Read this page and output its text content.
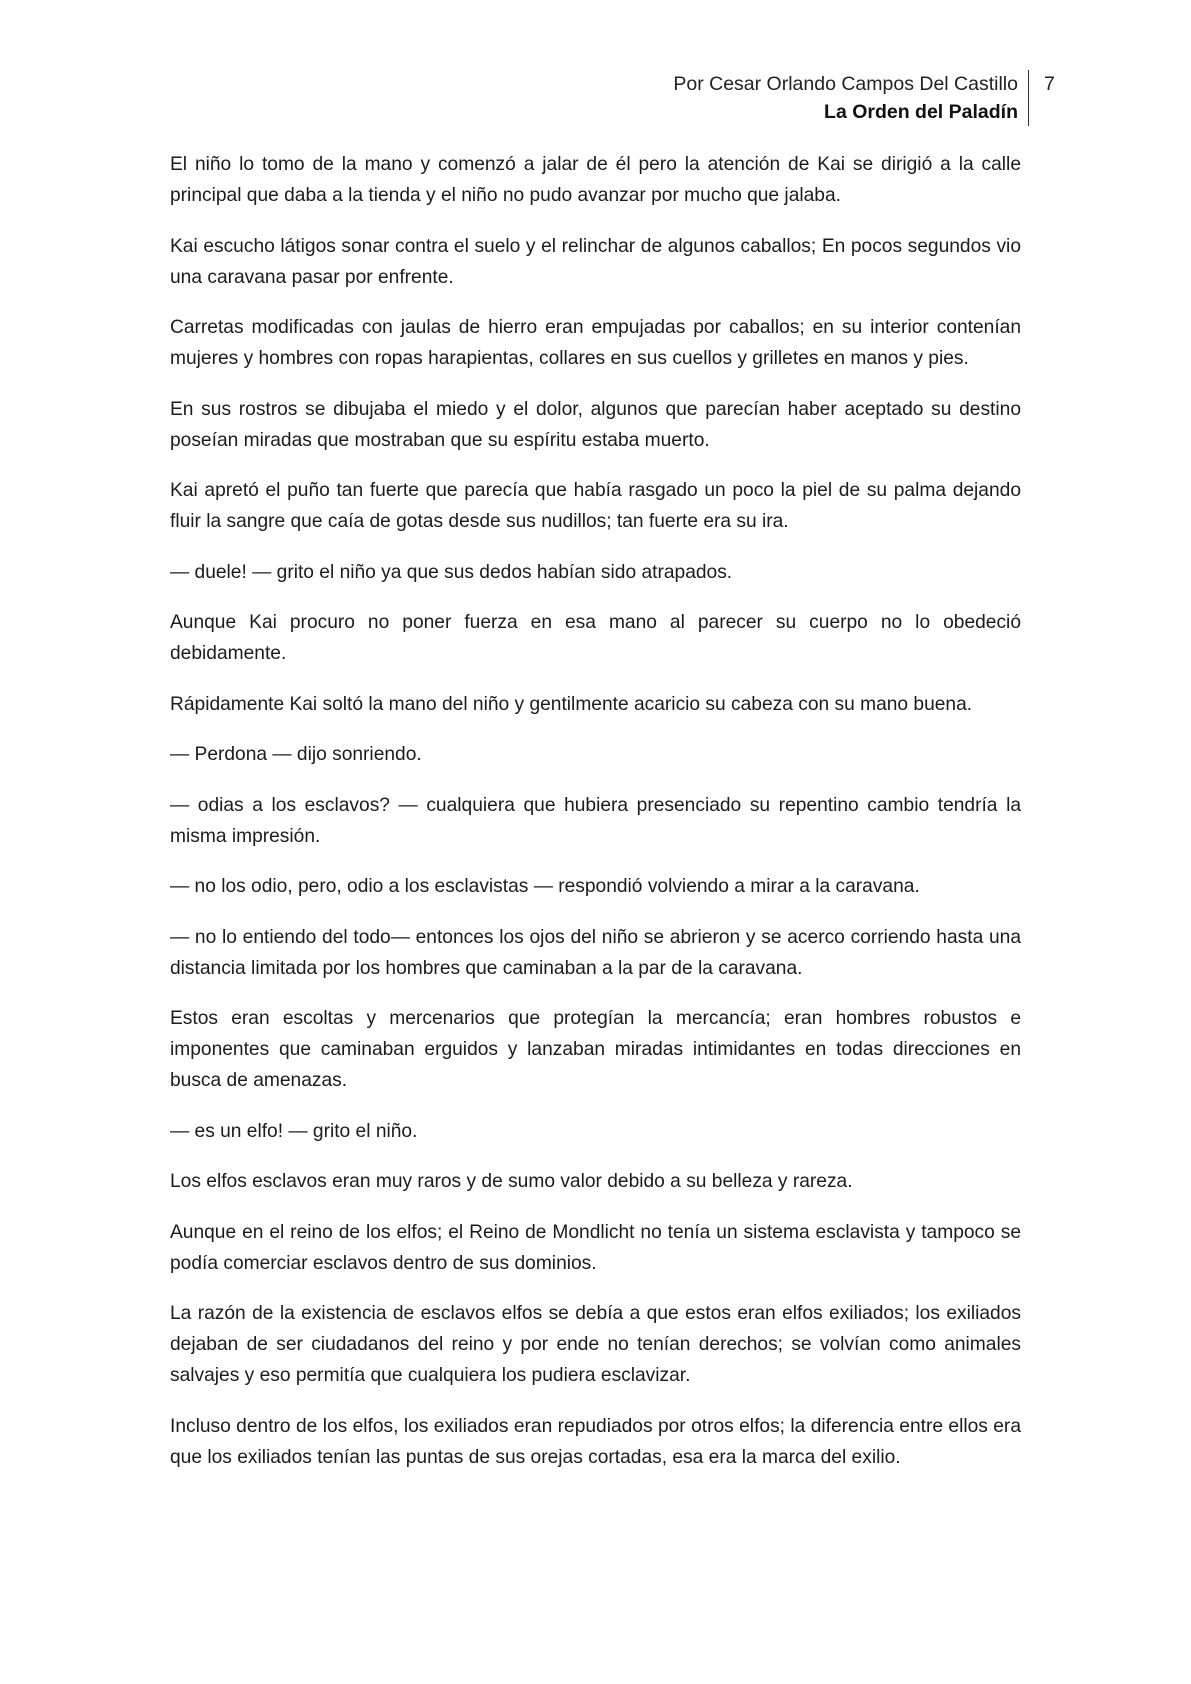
Por Cesar Orlando Campos Del Castillo
La Orden del Paladín
7

El niño lo tomo de la mano y comenzó a jalar de él pero la atención de Kai se dirigió a la calle principal que daba a la tienda y el niño no pudo avanzar por mucho que jalaba.

Kai escucho látigos sonar contra el suelo y el relinchar de algunos caballos; En pocos segundos vio una caravana pasar por enfrente.

Carretas modificadas con jaulas de hierro eran empujadas por caballos; en su interior contenían mujeres y hombres con ropas harapientas, collares en sus cuellos y grilletes en manos y pies.

En sus rostros se dibujaba el miedo y el dolor, algunos que parecían haber aceptado su destino poseían miradas que mostraban que su espíritu estaba muerto.

Kai apretó el puño tan fuerte que parecía que había rasgado un poco la piel de su palma dejando fluir la sangre que caía de gotas desde sus nudillos; tan fuerte era su ira.

— duele! — grito el niño ya que sus dedos habían sido atrapados.

Aunque Kai procuro no poner fuerza en esa mano al parecer su cuerpo no lo obedeció debidamente.

Rápidamente Kai soltó la mano del niño y gentilmente acaricio su cabeza con su mano buena.

— Perdona — dijo sonriendo.

— odias a los esclavos? — cualquiera que hubiera presenciado su repentino cambio tendría la misma impresión.

— no los odio, pero, odio a los esclavistas — respondió volviendo a mirar a la caravana.

— no lo entiendo del todo— entonces los ojos del niño se abrieron y se acerco corriendo hasta una distancia limitada por los hombres que caminaban a la par de la caravana.

Estos eran escoltas y mercenarios que protegían la mercancía; eran hombres robustos e imponentes que caminaban erguidos y lanzaban miradas intimidantes en todas direcciones en busca de amenazas.

— es un elfo! — grito el niño.

Los elfos esclavos eran muy raros y de sumo valor debido a su belleza y rareza.

Aunque en el reino de los elfos; el Reino de Mondlicht no tenía un sistema esclavista y tampoco se podía comerciar esclavos dentro de sus dominios.

La razón de la existencia de esclavos elfos se debía a que estos eran elfos exiliados; los exiliados dejaban de ser ciudadanos del reino y por ende no tenían derechos; se volvían como animales salvajes y eso permitía que cualquiera los pudiera esclavizar.

Incluso dentro de los elfos, los exiliados eran repudiados por otros elfos; la diferencia entre ellos era que los exiliados tenían las puntas de sus orejas cortadas, esa era la marca del exilio.
